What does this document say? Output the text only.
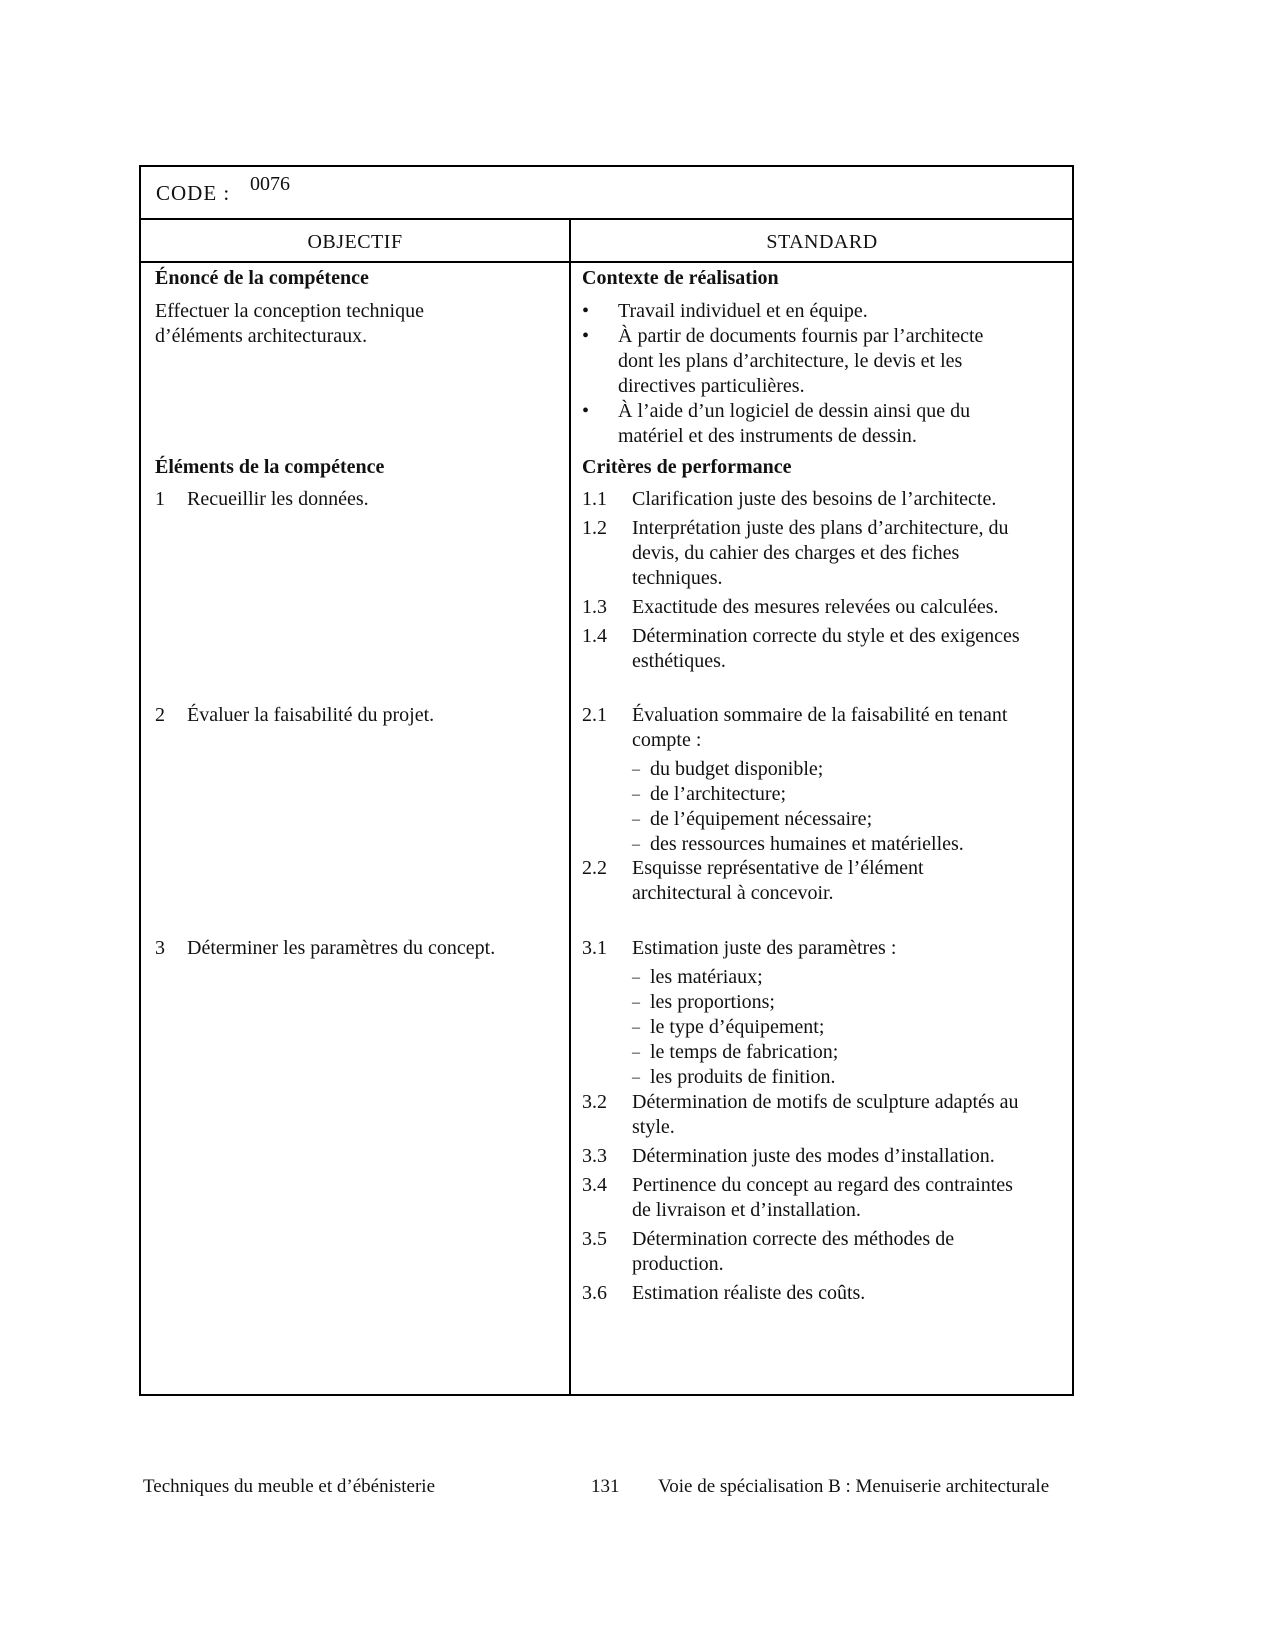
CODE : 0076
OBJECTIF	STANDARD
Énoncé de la compétence
Effectuer la conception technique
d’éléments architecturaux.
Éléments de la compétence
1 Recueillir les données.
2 Évaluer la faisabilité du projet.
3 Déterminer les paramètres du concept.
Contexte de réalisation
• Travail individuel et en équipe.
• À partir de documents fournis par l’architecte
dont les plans d’architecture, le devis et les
directives particulières.
• À l’aide d’un logiciel de dessin ainsi que du
matériel et des instruments de dessin.
Critères de performance
1.1 Clarification juste des besoins de l’architecte.
1.2 Interprétation juste des plans d’architecture, du
devis, du cahier des charges et des fiches
techniques.
1.3 Exactitude des mesures relevées ou calculées.
1.4 Détermination correcte du style et des exigences
esthétiques.
2.1 Évaluation sommaire de la faisabilité en tenant
compte :
2.2 Esquisse représentative de l’élément
architectural à concevoir.
3.1 Estimation juste des paramètres :
3.2 Détermination de motifs de sculpture adaptés au
style.
3.3 Détermination juste des modes d’installation.
3.4 Pertinence du concept au regard des contraintes
de livraison et d’installation.
3.5 Détermination correcte des méthodes de
production.
3.6 Estimation réaliste des coûts.
– du budget disponible;
– de l’architecture;
– de l’équipement nécessaire;
– des ressources humaines et matérielles.
– les matériaux;
– les proportions;
– le type d’équipement;
– le temps de fabrication;
– les produits de finition.
Techniques du meuble et d’ébénisterie	131 Voie de spécialisation B : Menuiserie architecturale
